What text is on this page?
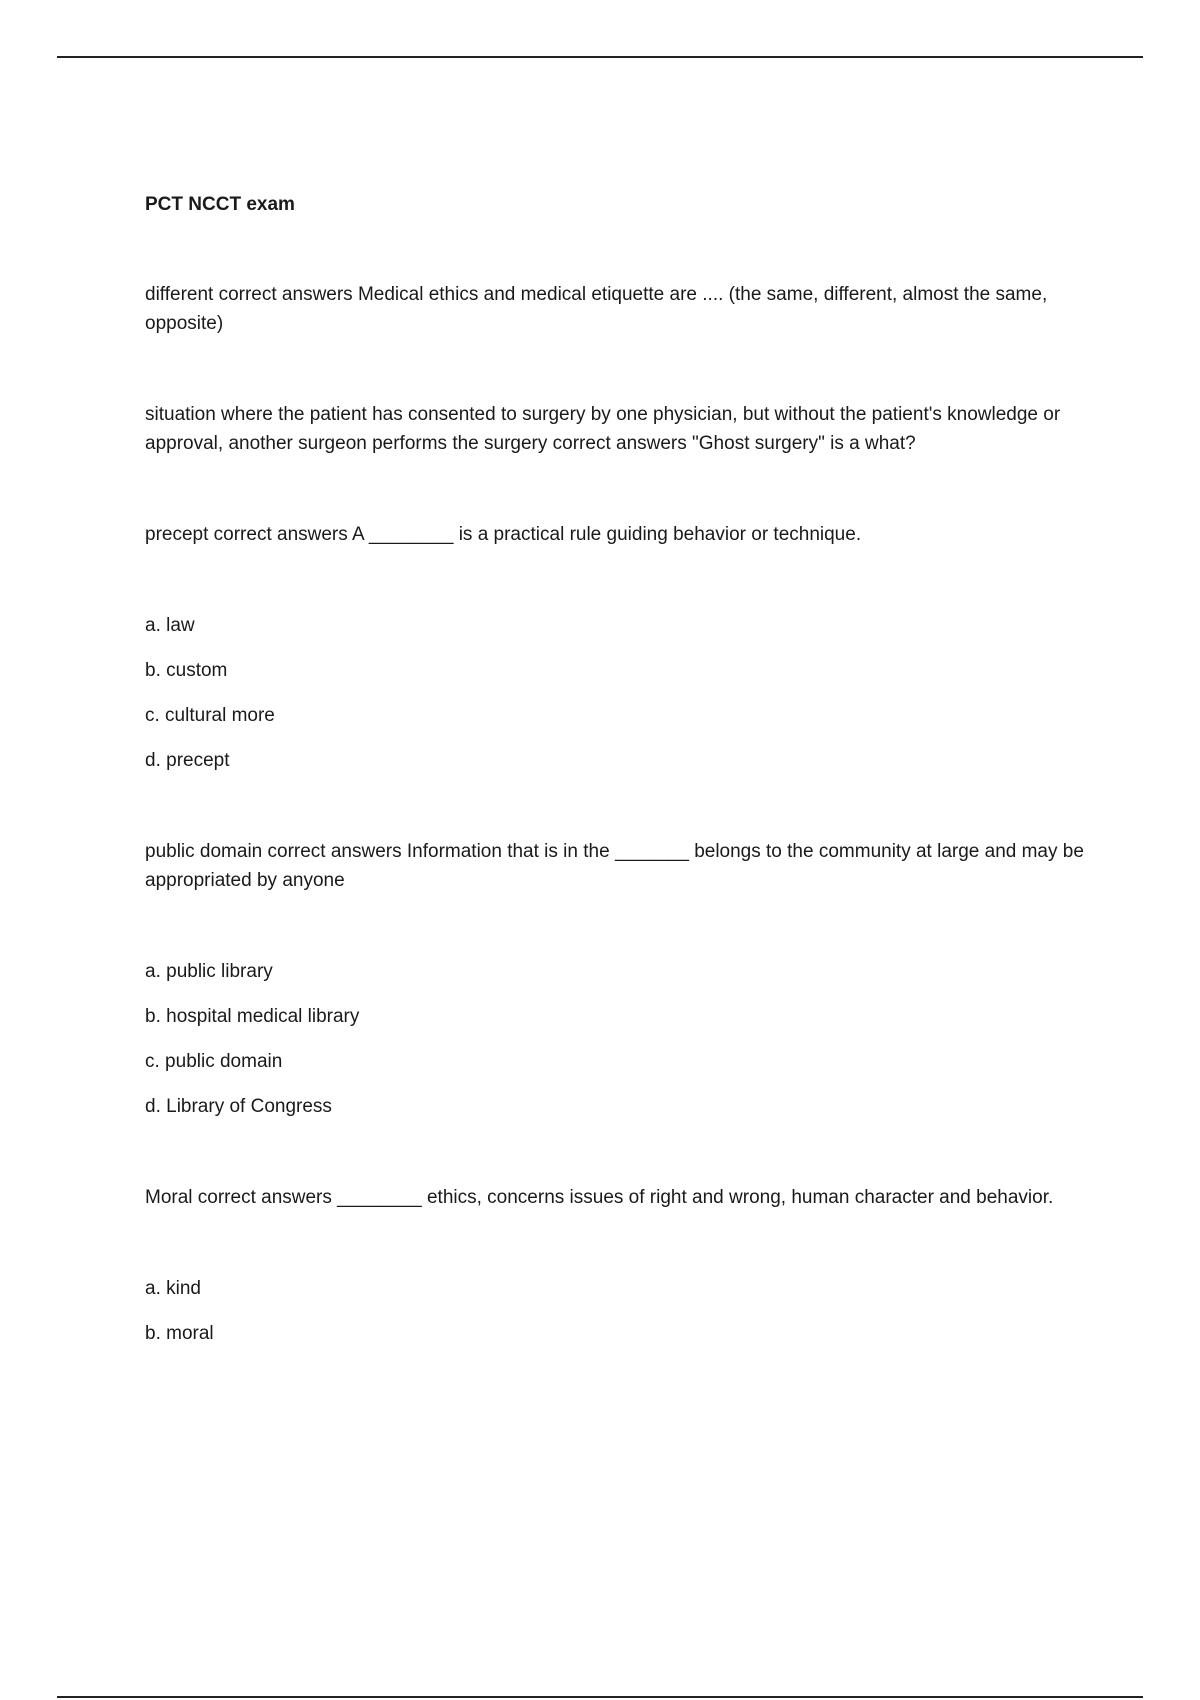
PCT NCCT exam
different correct answers Medical ethics and medical etiquette are .... (the same, different, almost the same, opposite)
situation where the patient has consented to surgery by one physician, but without the patient's knowledge or approval, another surgeon performs the surgery correct answers "Ghost surgery" is a what?
precept correct answers A ________ is a practical rule guiding behavior or technique.
a. law
b. custom
c. cultural more
d. precept
public domain correct answers Information that is in the _______ belongs to the community at large and may be appropriated by anyone
a. public library
b. hospital medical library
c. public domain
d. Library of Congress
Moral correct answers ________ ethics, concerns issues of right and wrong, human character and behavior.
a. kind
b. moral
